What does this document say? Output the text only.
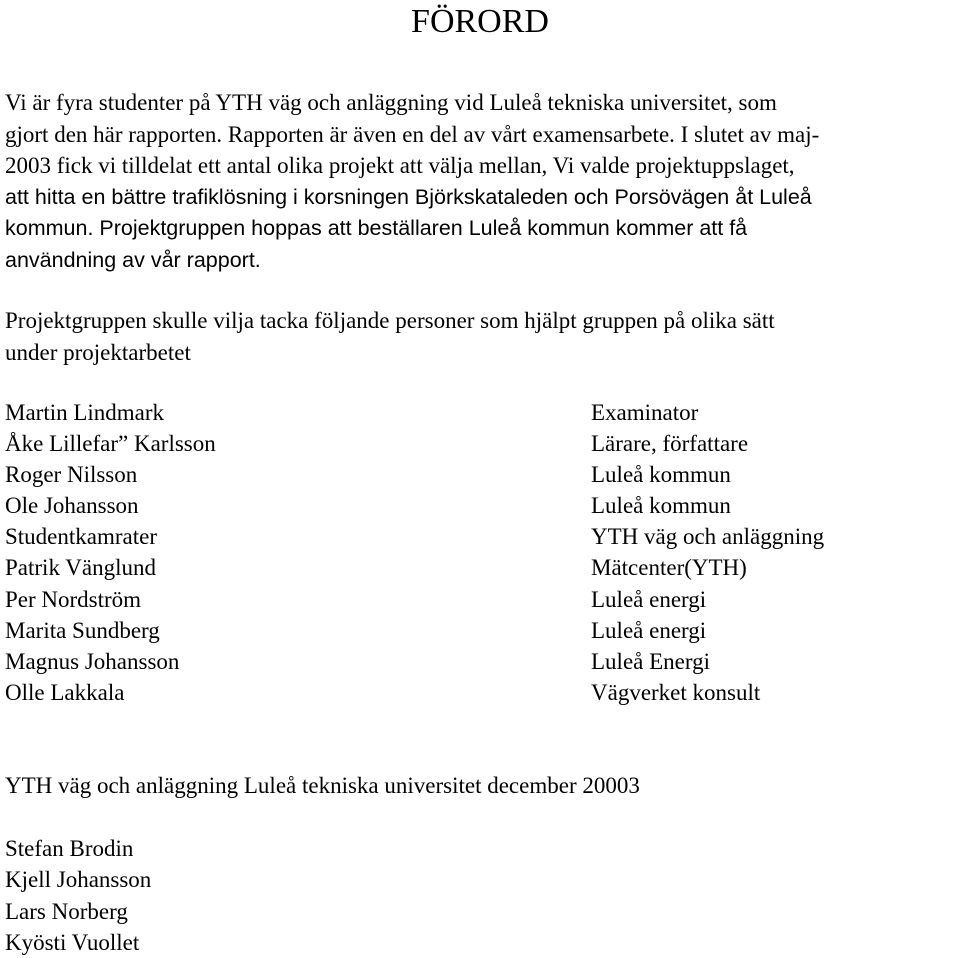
FÖRORD
Vi är fyra studenter på YTH väg och anläggning vid Luleå tekniska universitet, som
gjort den här rapporten. Rapporten är även en del av vårt examensarbete. I slutet av maj-
2003 fick vi tilldelat ett antal olika projekt att välja mellan, Vi valde projektuppslaget,
att hitta en bättre trafiklösning i korsningen Björkskataleden och Porsövägen åt Luleå
kommun. Projektgruppen hoppas att beställaren Luleå kommun kommer att få
användning av vår rapport.
Projektgruppen skulle vilja tacka följande personer som hjälpt gruppen på olika sätt
under projektarbetet
Martin Lindmark	Examinator
Åke Lillefar” Karlsson	Lärare, författare
Roger Nilsson	Luleå kommun
Ole Johansson	Luleå kommun
Studentkamrater	YTH väg och anläggning
Patrik Vänglund	Mätcenter(YTH)
Per Nordström	Luleå energi
Marita Sundberg	Luleå energi
Magnus Johansson	Luleå Energi
Olle Lakkala	Vägverket konsult

YTH väg och anläggning Luleå tekniska universitet december 20003

Stefan Brodin
Kjell Johansson
Lars Norberg
Kyösti Vuollet
